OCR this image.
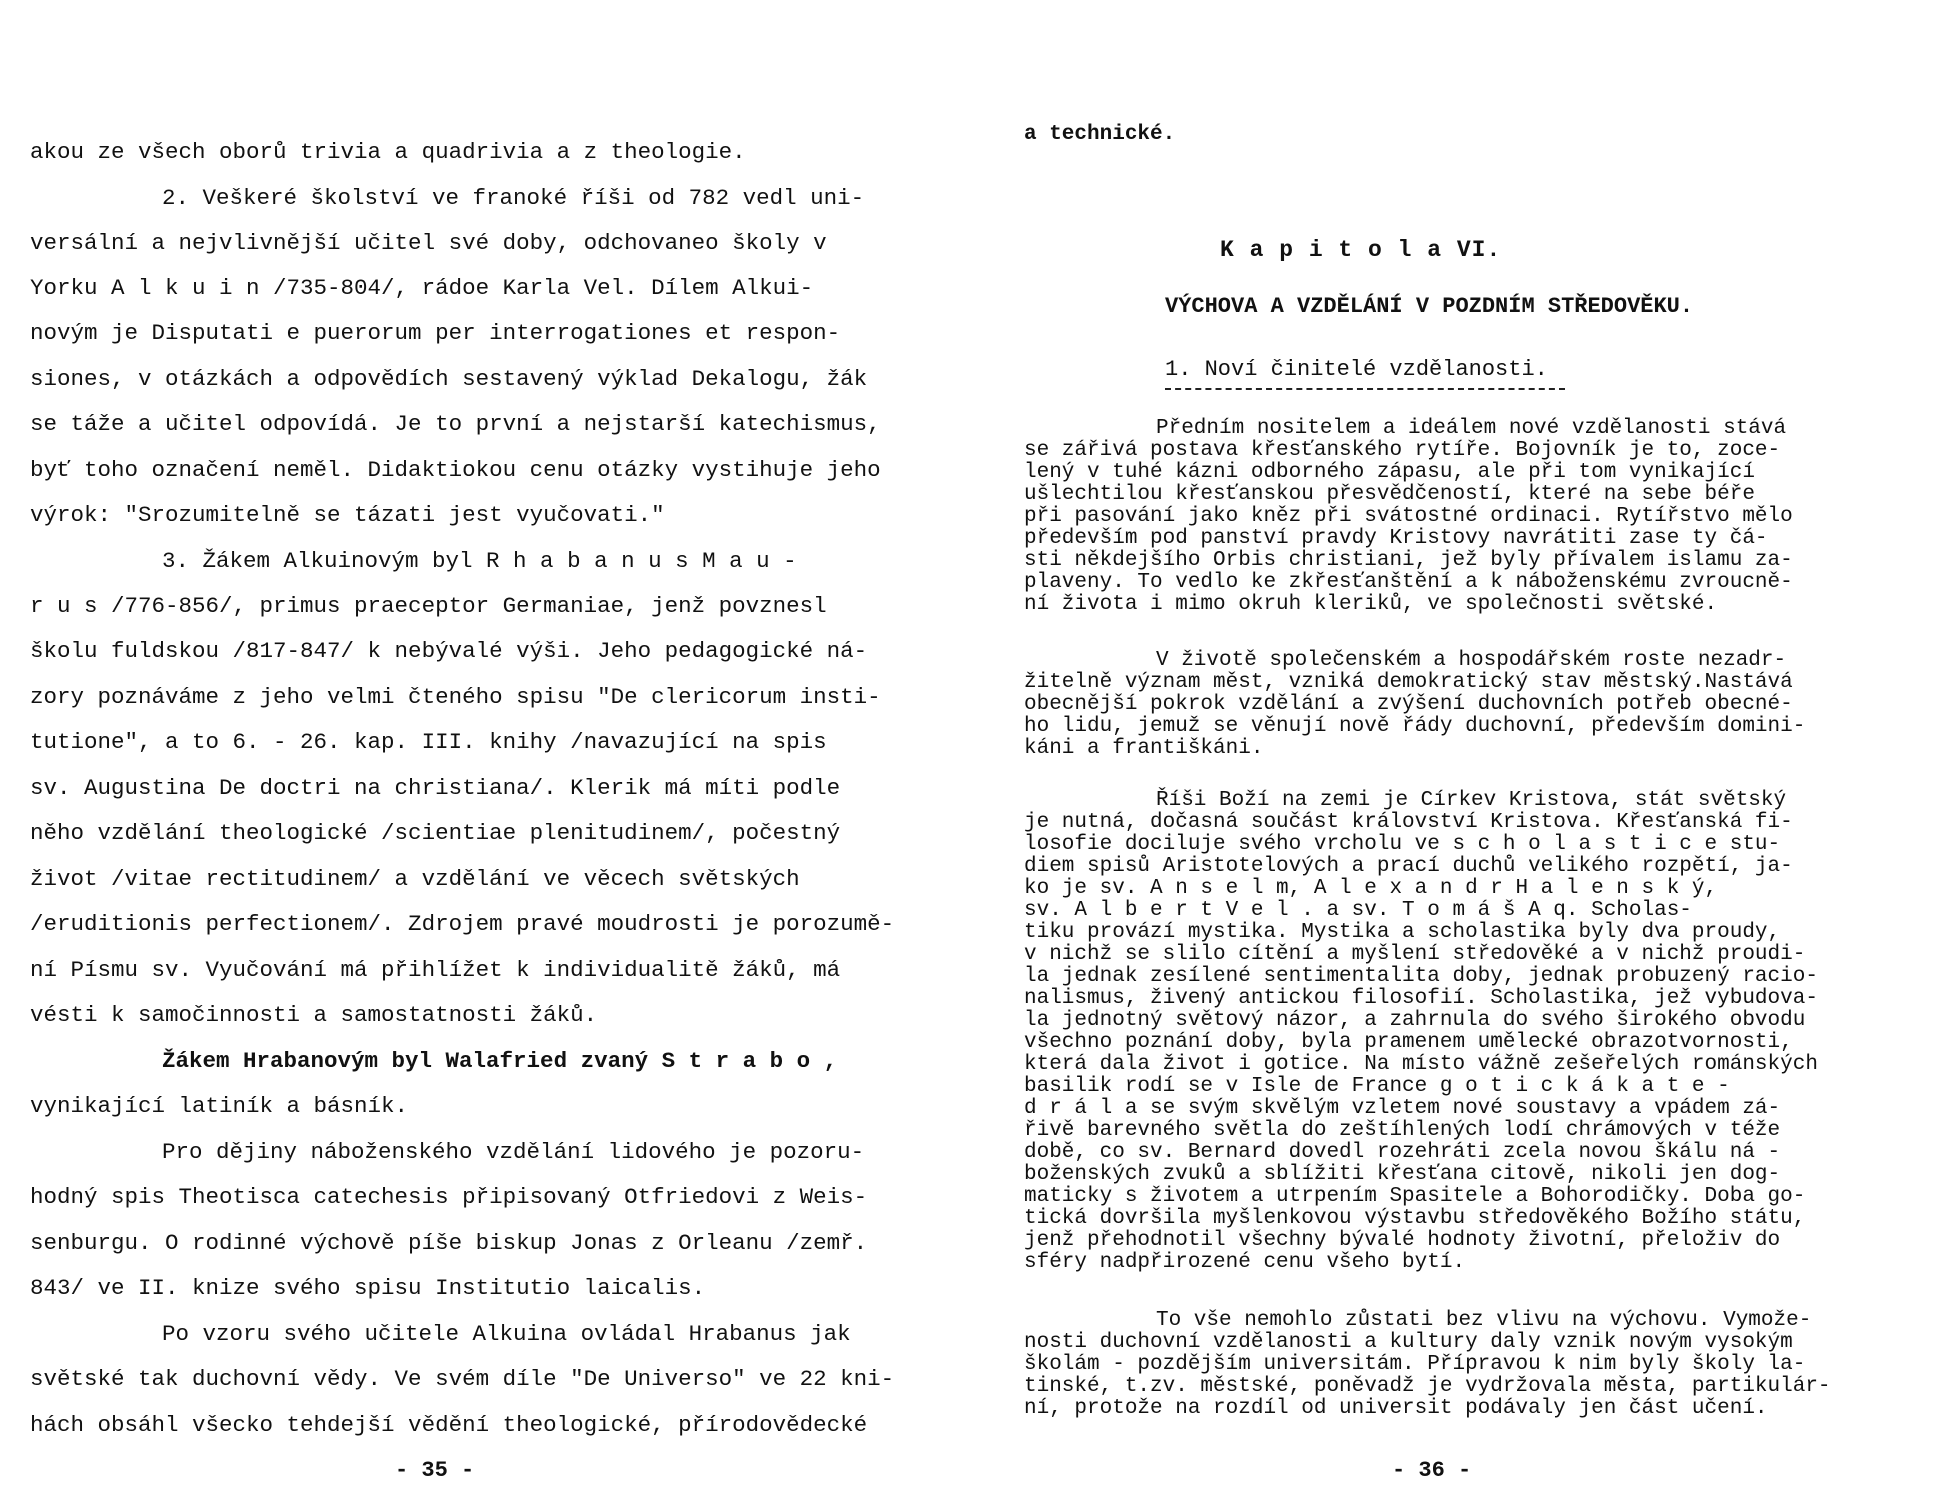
akou ze všech oborů trivia a quadrivia a z theologie.

2. Veškeré školství ve franoké říši od 782 vedl uni-

versální a nejvlivnější učitel své doby, odchovaneo školy v

Yorku A l k u i n /735-804/, rádoe Karla Vel. Dílem Alkui-

novým je Disputati e puerorum per interrogationes et respon-

siones, v otázkách a odpovědích sestavený výklad Dekalogu, žák

se táže a učitel odpovídá. Je to první a nejstarší katechismus,

byť toho označení neměl. Didaktiokou cenu otázky vystihuje jeho

výrok: "Srozumitelně se tázati jest vyučovati."

3. Žákem Alkuinovým byl R h a b a n u s M a u -

r u s /776-856/, primus praeceptor Germaniae, jenž povznesl

školu fuldskou /817-847/ k nebývalé výši. Jeho pedagogické ná-

zory poznáváme z jeho velmi čteného spisu "De clericorum insti-

tutione", a to 6. - 26. kap. III. knihy /navazující na spis

sv. Augustina De doctri na christiana/. Klerik má míti podle

něho vzdělání theologické /scientiae plenitudinem/, počestný

život /vitae rectitudinem/ a vzdělání ve věcech světských

/eruditionis perfectionem/. Zdrojem pravé moudrosti je porozumě-

ní Písmu sv. Vyučování má přihlížet k individualitě žáků, má

vésti k samočinnosti a samostatnosti žáků.

Žákem Hrabanovým byl Walafried zvaný S t r a b o ,

vynikající latiník a básník.

Pro dějiny náboženského vzdělání lidového je pozoru-

hodný spis Theotisca catechesis připisovaný Otfriedovi z Weis-

senburgu. O rodinné výchově píše biskup Jonas z Orleanu /zemř.

843/ ve II. knize svého spisu Institutio laicalis.

Po vzoru svého učitele Alkuina ovládal Hrabanus jak

světské tak duchovní vědy. Ve svém díle "De Universo" ve 22 kni-

hách obsáhl všecko tehdejší vědění theologické, přírodovědecké

- 35 -

a technické.

K a p i t o l a VI.
VÝCHOVA A VZDĚLÁNÍ V POZDNÍM STŘEDOVĚKU.
1. Noví činitelé vzdělanosti.

Předním nositelem a ideálem nové vzdělanosti stává

se zářivá postava křesťanského rytíře. Bojovník je to, zoce-

lený v tuhé kázni odborného zápasu, ale při tom vynikající

ušlechtilou křesťanskou přesvědčeností, které na sebe béře

při pasování jako kněz při svátostné ordinaci. Rytířstvo mělo

především pod panství pravdy Kristovy navrátiti zase ty čá-

sti někdejšího Orbis christiani, jež byly přívalem islamu za-

plaveny. To vedlo ke zkřesťanštění a k náboženskému zvroucně-

ní života i mimo okruh kleriků, ve společnosti světské.

V životě společenském a hospodářském roste nezadr-

žitelně význam měst, vzniká demokratický stav městský.Nastává

obecnější pokrok vzdělání a zvýšení duchovních potřeb obecné-

ho lidu, jemuž se věnují nově řády duchovní, především domini-

káni a františkáni.

Říši Boží na zemi je Církev Kristova, stát světský

je nutná, dočasná součást království Kristova. Křesťanská fi-

losofie dociluje svého vrcholu ve s c h o l a s t i c e stu-

diem spisů Aristotelových a prací duchů velikého rozpětí, ja-

ko je sv. A n s e l m, A l e x a n d r H a l e n s k ý,

sv. A l b e r t V e l . a sv. T o m á š A q. Scholas-

tiku provází mystika. Mystika a scholastika byly dva proudy,

v nichž se slilo cítění a myšlení středověké a v nichž proudi-

la jednak zesílené sentimentalita doby, jednak probuzený racio-

nalismus, živený antickou filosofií. Scholastika, jež vybudova-

la jednotný světový názor, a zahrnula do svého širokého obvodu

všechno poznání doby, byla pramenem umělecké obrazotvornosti,

která dala život i gotice. Na místo vážně zešeřelých románských

basilik rodí se v Isle de France g o t i c k á k a t e -

d r á l a se svým skvělým vzletem nové soustavy a vpádem zá-

řivě barevného světla do zeštíhlených lodí chrámových v téže

době, co sv. Bernard dovedl rozehráti zcela novou škálu ná -

boženských zvuků a sblížiti křesťana citově, nikoli jen dog-

maticky s životem a utrpením Spasitele a Bohorodičky. Doba go-

tická dovršila myšlenkovou výstavbu středověkého Božího státu,

jenž přehodnotil všechny bývalé hodnoty životní, přeloživ do

sféry nadpřirozené cenu všeho bytí.

To vše nemohlo zůstati bez vlivu na výchovu. Vymože-

nosti duchovní vzdělanosti a kultury daly vznik novým vysokým

školám - pozdějším universitám. Přípravou k nim byly školy la-

tinské, t.zv. městské, poněvadž je vydržovala města, partikulár-

ní, protože na rozdíl od universit podávaly jen část učení.

- 36 -
